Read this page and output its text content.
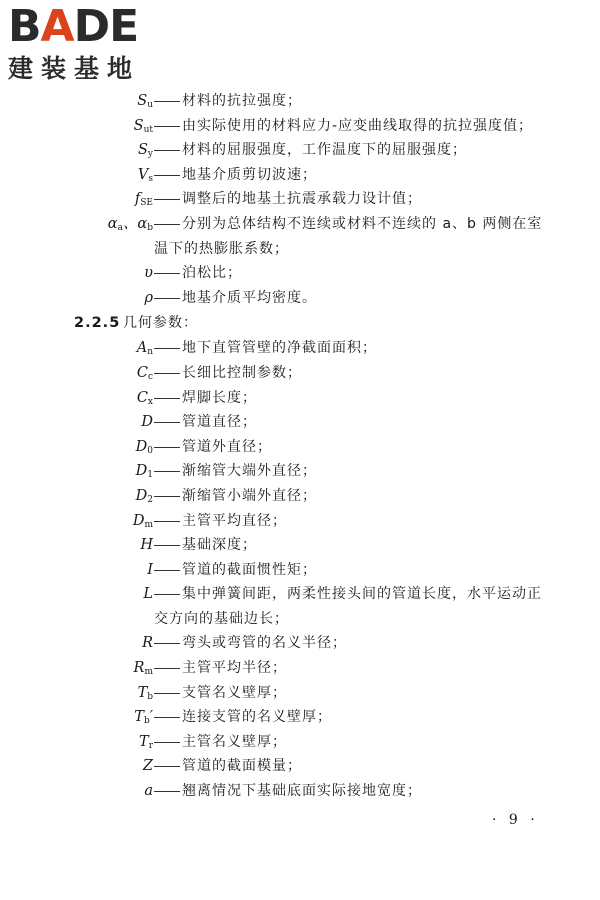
BADE
建装基地
$S_u$ 材料的抗拉强度；
$S_{ut}$ 由实际使用的材料应力-应变曲线取得的抗拉强度值；
$S_y$ 材料的屈服强度，工作温度下的屈服强度；
$V_s$ 地基介质剪切波速；
$f_{SE}$ 调整后的地基土抗震承载力设计值；
$\alpha_a$、$\alpha_b$ 分别为总体结构不连续或材料不连续的 a、b 两侧在室
温下的热膨胀系数；
υ 泊松比；
ρ 地基介质平均密度。
2.2.5 几何参数：
$A_n$ 地下直管管壁的净截面面积；
$C_c$ 长细比控制参数；
$C_x$ 焊脚长度；
D 管道直径；
$D_0$ 管道外直径；
$D_1$ 渐缩管大端外直径；
$D_2$ 渐缩管小端外直径；
$D_m$ 主管平均直径；
H 基础深度；
I 管道的截面惯性矩；
L 集中弹簧间距，两柔性接头间的管道长度，水平运动正
交方向的基础边长；
R 弯头或弯管的名义半径；
$R_m$ 主管平均半径；
$T_b$ 支管名义壁厚；
$T_b'$ 连接支管的名义壁厚；
$T_r$ 主管名义壁厚；
Z 管道的截面模量；
a 翘离情况下基础底面实际接地宽度；
· 9 ·
